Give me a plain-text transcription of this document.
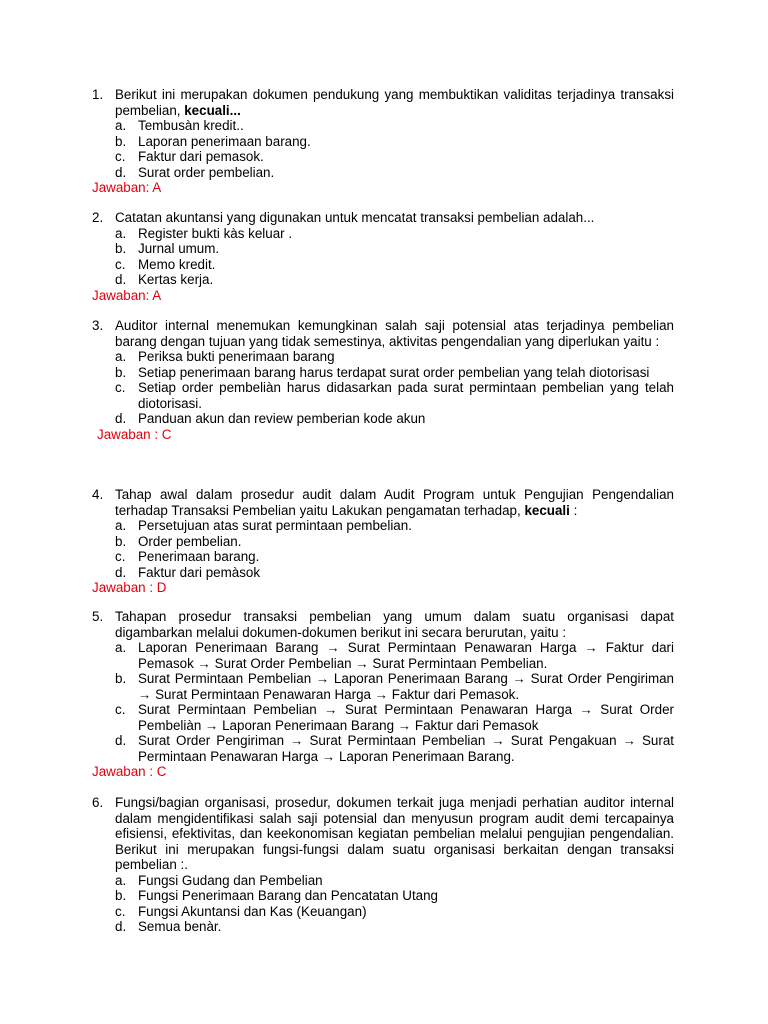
1. Berikut ini merupakan dokumen pendukung yang membuktikan validitas terjadinya transaksi pembelian, kecuali...
a. Tembusàn kredit..
b. Laporan penerimaan barang.
c. Faktur dari pemasok.
d. Surat order pembelian.
Jawaban: A
2. Catatan akuntansi yang digunakan untuk mencatat transaksi pembelian adalah...
a. Register bukti kàs keluar .
b. Jurnal umum.
c. Memo kredit.
d. Kertas kerja.
Jawaban: A
3. Auditor internal menemukan kemungkinan salah saji potensial atas terjadinya pembelian barang dengan tujuan yang tidak semestinya, aktivitas pengendalian yang diperlukan yaitu :
a. Periksa bukti penerimaan barang
b. Setiap penerimaan barang harus terdapat surat order pembelian yang telah diotorisasi
c. Setiap order pembeliàn harus didasarkan pada surat permintaan pembelian yang telah diotorisasi.
d. Panduan akun dan review pemberian kode akun
Jawaban : C
4. Tahap awal dalam prosedur audit dalam Audit Program untuk Pengujian Pengendalian terhadap Transaksi Pembelian yaitu Lakukan pengamatan terhadap, kecuali :
a. Persetujuan atas surat permintaan pembelian.
b. Order pembelian.
c. Penerimaan barang.
d. Faktur dari pemàsok
Jawaban : D
5. Tahapan prosedur transaksi pembelian yang umum dalam suatu organisasi dapat digambarkan melalui dokumen-dokumen berikut ini secara berurutan, yaitu :
a. Laporan Penerimaan Barang → Surat Permintaan Penawaran Harga → Faktur dari Pemasok → Surat Order Pembelian → Surat Permintaan Pembelian.
b. Surat Permintaan Pembelian → Laporan Penerimaan Barang → Surat Order Pengiriman → Surat Permintaan Penawaran Harga → Faktur dari Pemasok.
c. Surat Permintaan Pembelian → Surat Permintaan Penawaran Harga → Surat Order Pembeliàn → Laporan Penerimaan Barang → Faktur dari Pemasok
d. Surat Order Pengiriman → Surat Permintaan Pembelian → Surat Pengakuan → Surat Permintaan Penawaran Harga → Laporan Penerimaan Barang.
Jawaban : C
6. Fungsi/bagian organisasi, prosedur, dokumen terkait juga menjadi perhatian auditor internal dalam mengidentifikasi salah saji potensial dan menyusun program audit demi tercapainya efisiensi, efektivitas, dan keekonomisan kegiatan pembelian melalui pengujian pengendalian. Berikut ini merupakan fungsi-fungsi dalam suatu organisasi berkaitan dengan transaksi pembelian :.
a. Fungsi Gudang dan Pembelian
b. Fungsi Penerimaan Barang dan Pencatatan Utang
c. Fungsi Akuntansi dan Kas (Keuangan)
d. Semua benàr.
